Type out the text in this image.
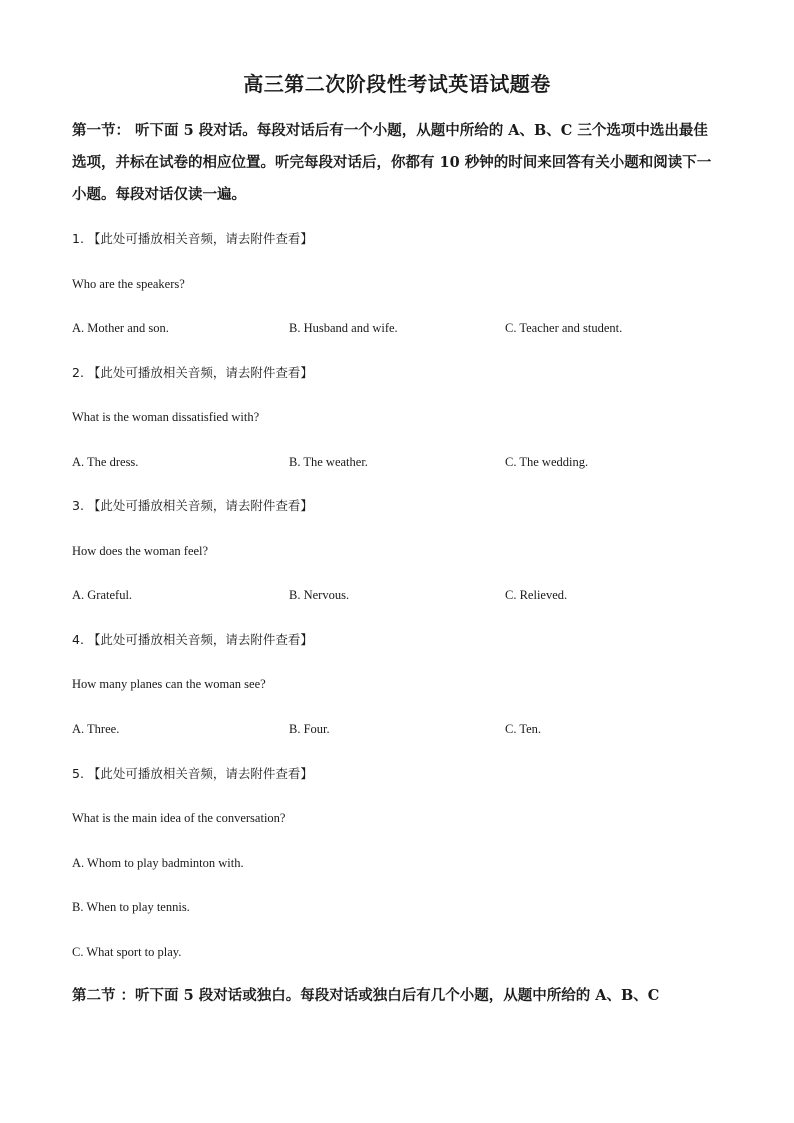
高三第二次阶段性考试英语试题卷
第一节： 听下面 5 段对话。每段对话后有一个小题，从题中所给的 A、B、C 三个选项中选出最佳选项，并标在试卷的相应位置。听完每段对话后，你都有 10 秒钟的时间来回答有关小题和阅读下一小题。每段对话仅读一遍。
1. 【此处可播放相关音频，请去附件查看】
Who are the speakers?
A. Mother and son.	B. Husband and wife.	C. Teacher and student.
2. 【此处可播放相关音频，请去附件查看】
What is the woman dissatisfied with?
A. The dress.	B. The weather.	C. The wedding.
3. 【此处可播放相关音频，请去附件查看】
How does the woman feel?
A. Grateful.	B. Nervous.	C. Relieved.
4. 【此处可播放相关音频，请去附件查看】
How many planes can the woman see?
A. Three.	B. Four.	C. Ten.
5. 【此处可播放相关音频，请去附件查看】
What is the main idea of the conversation?
A. Whom to play badminton with.
B. When to play tennis.
C. What sport to play.
第二节 ：听下面 5 段对话或独白。每段对话或独白后有几个小题，从题中所给的 A、B、C
